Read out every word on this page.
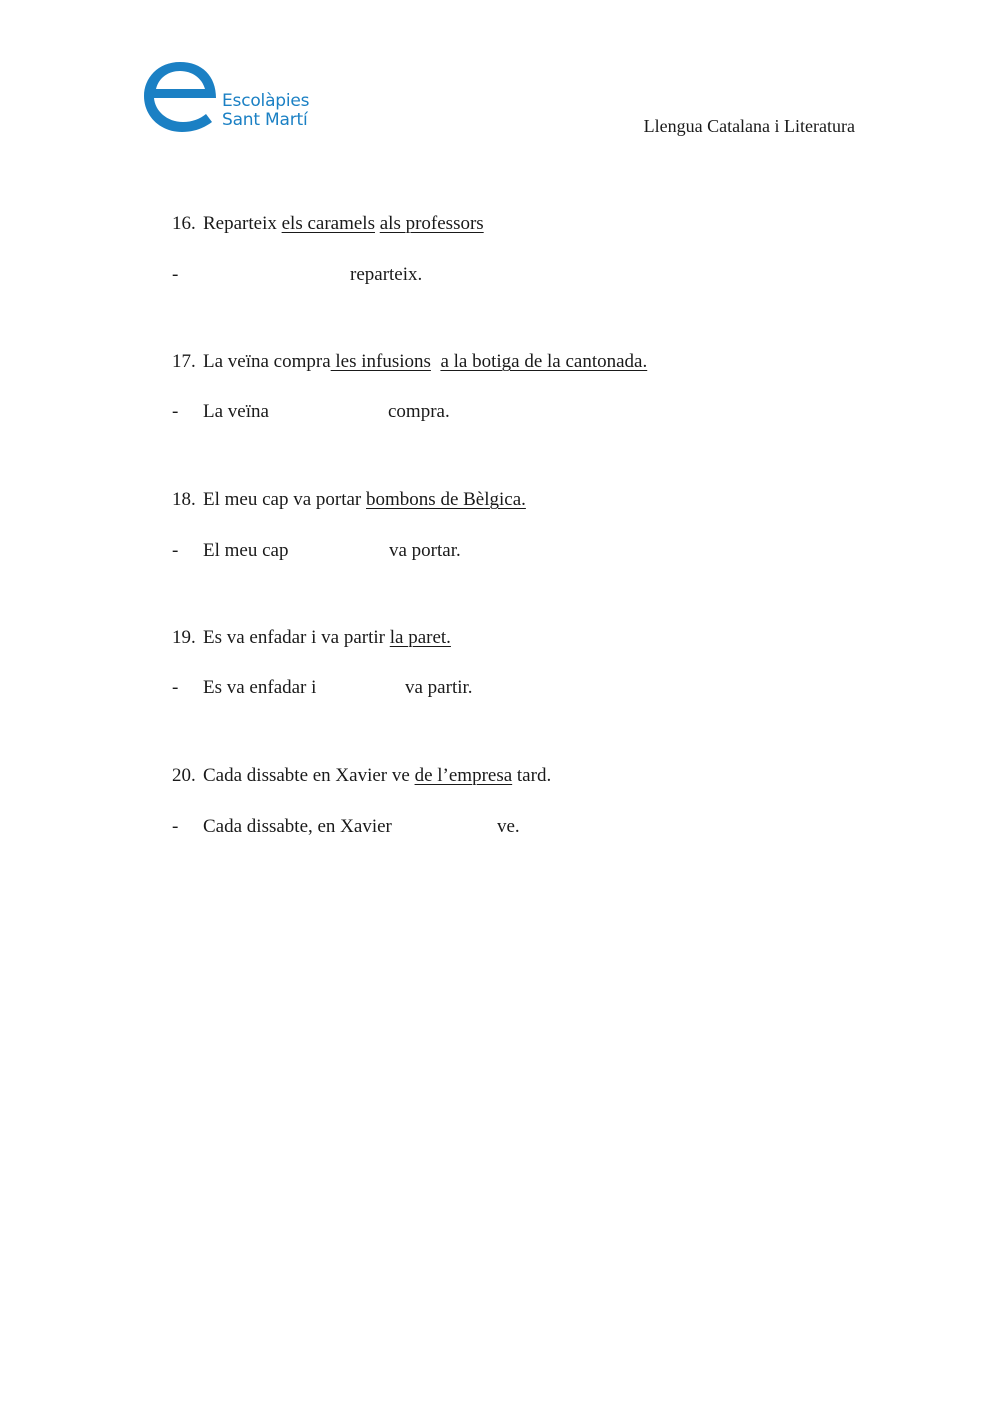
Escolàpies
Sant Martí	Llengua Catalana i Literatura
16. Reparteix els caramels als professors
-	reparteix.
17. La veïna compra les infusions a la botiga de la cantonada.
- La veïna	compra.
18. El meu cap va portar bombons de Bèlgica.
- El meu cap	va portar.
19. Es va enfadar i va partir la paret.
- Es va enfadar i	va partir.
20. Cada dissabte en Xavier ve de l’empresa tard.
- Cada dissabte, en Xavier	ve.
